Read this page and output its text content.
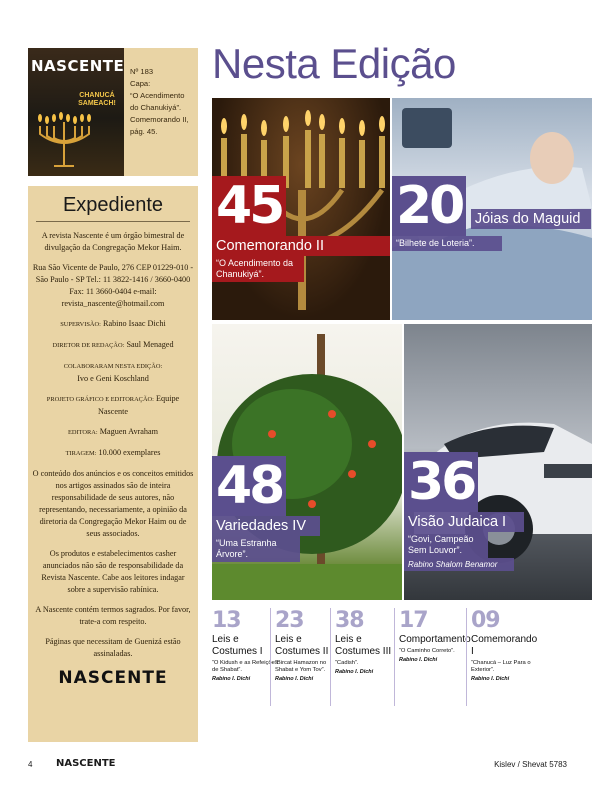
NASCENTE
CHANUCÁ SAMEACH!
Nº 183
Capa:
“O Acendimento do Chanukiyá”. Comemorando II, pág. 45.
Expediente

A revista Nascente é um órgão bimestral de divulgação da Congregação Mekor Haim.

Rua São Vicente de Paulo, 276 CEP 01229-010 - São Paulo - SP Tel.: 11 3822-1416 / 3660-0400 Fax: 11 3660-0404 e-mail: revista_nascente@hotmail.com

SUPERVISÃO: Rabino Isaac Dichi

DIRETOR DE REDAÇÃO: Saul Menaged

COLABORARAM NESTA EDIÇÃO:
Ivo e Geni Koschland

PROJETO GRÁFICO E EDITORAÇÃO: Equipe Nascente

EDITORA: Maguen Avraham

TIRAGEM: 10.000 exemplares

O conteúdo dos anúncios e os conceitos emitidos nos artigos assinados são de inteira responsabilidade de seus autores, não representando, necessariamente, a opinião da diretoria da Congregação Mekor Haim ou de seus associados.

Os produtos e estabelecimentos casher anunciados não são de responsabilidade da Revista Nascente. Cabe aos leitores indagar sobre a supervisão rabínica.

A Nascente contém termos sagrados. Por favor, trate-a com respeito.

Páginas que necessitam de Guenizá estão assinaladas.

NASCENTE
Nesta Edição
45
Comemorando II
“O Acendimento da Chanukiyá”.
20 Jóias do Maguid
“Bilhete de Loteria”.
48
Variedades IV
“Uma Estranha Árvore”.
36
Visão Judaica I
“Govi, Campeão Sem Louvor”.
Rabino Shalom Benamor
13
Leis e Costumes I
“O Kidush e as Refeições de Shabat”.
Rabino I. Dichi
23
Leis e Costumes II
“Bircat Hamazon no Shabat e Yom Tov”.
Rabino I. Dichi
38
Leis e Costumes III
“Cadish”.
Rabino I. Dichi
17
Comportamento
“O Caminho Correto”.
Rabino I. Dichi
09
Comemorando I
“Chanucá – Luz Para o Exterior”.
Rabino I. Dichi
4 NASCENTE	Kislev / Shevat 5783
